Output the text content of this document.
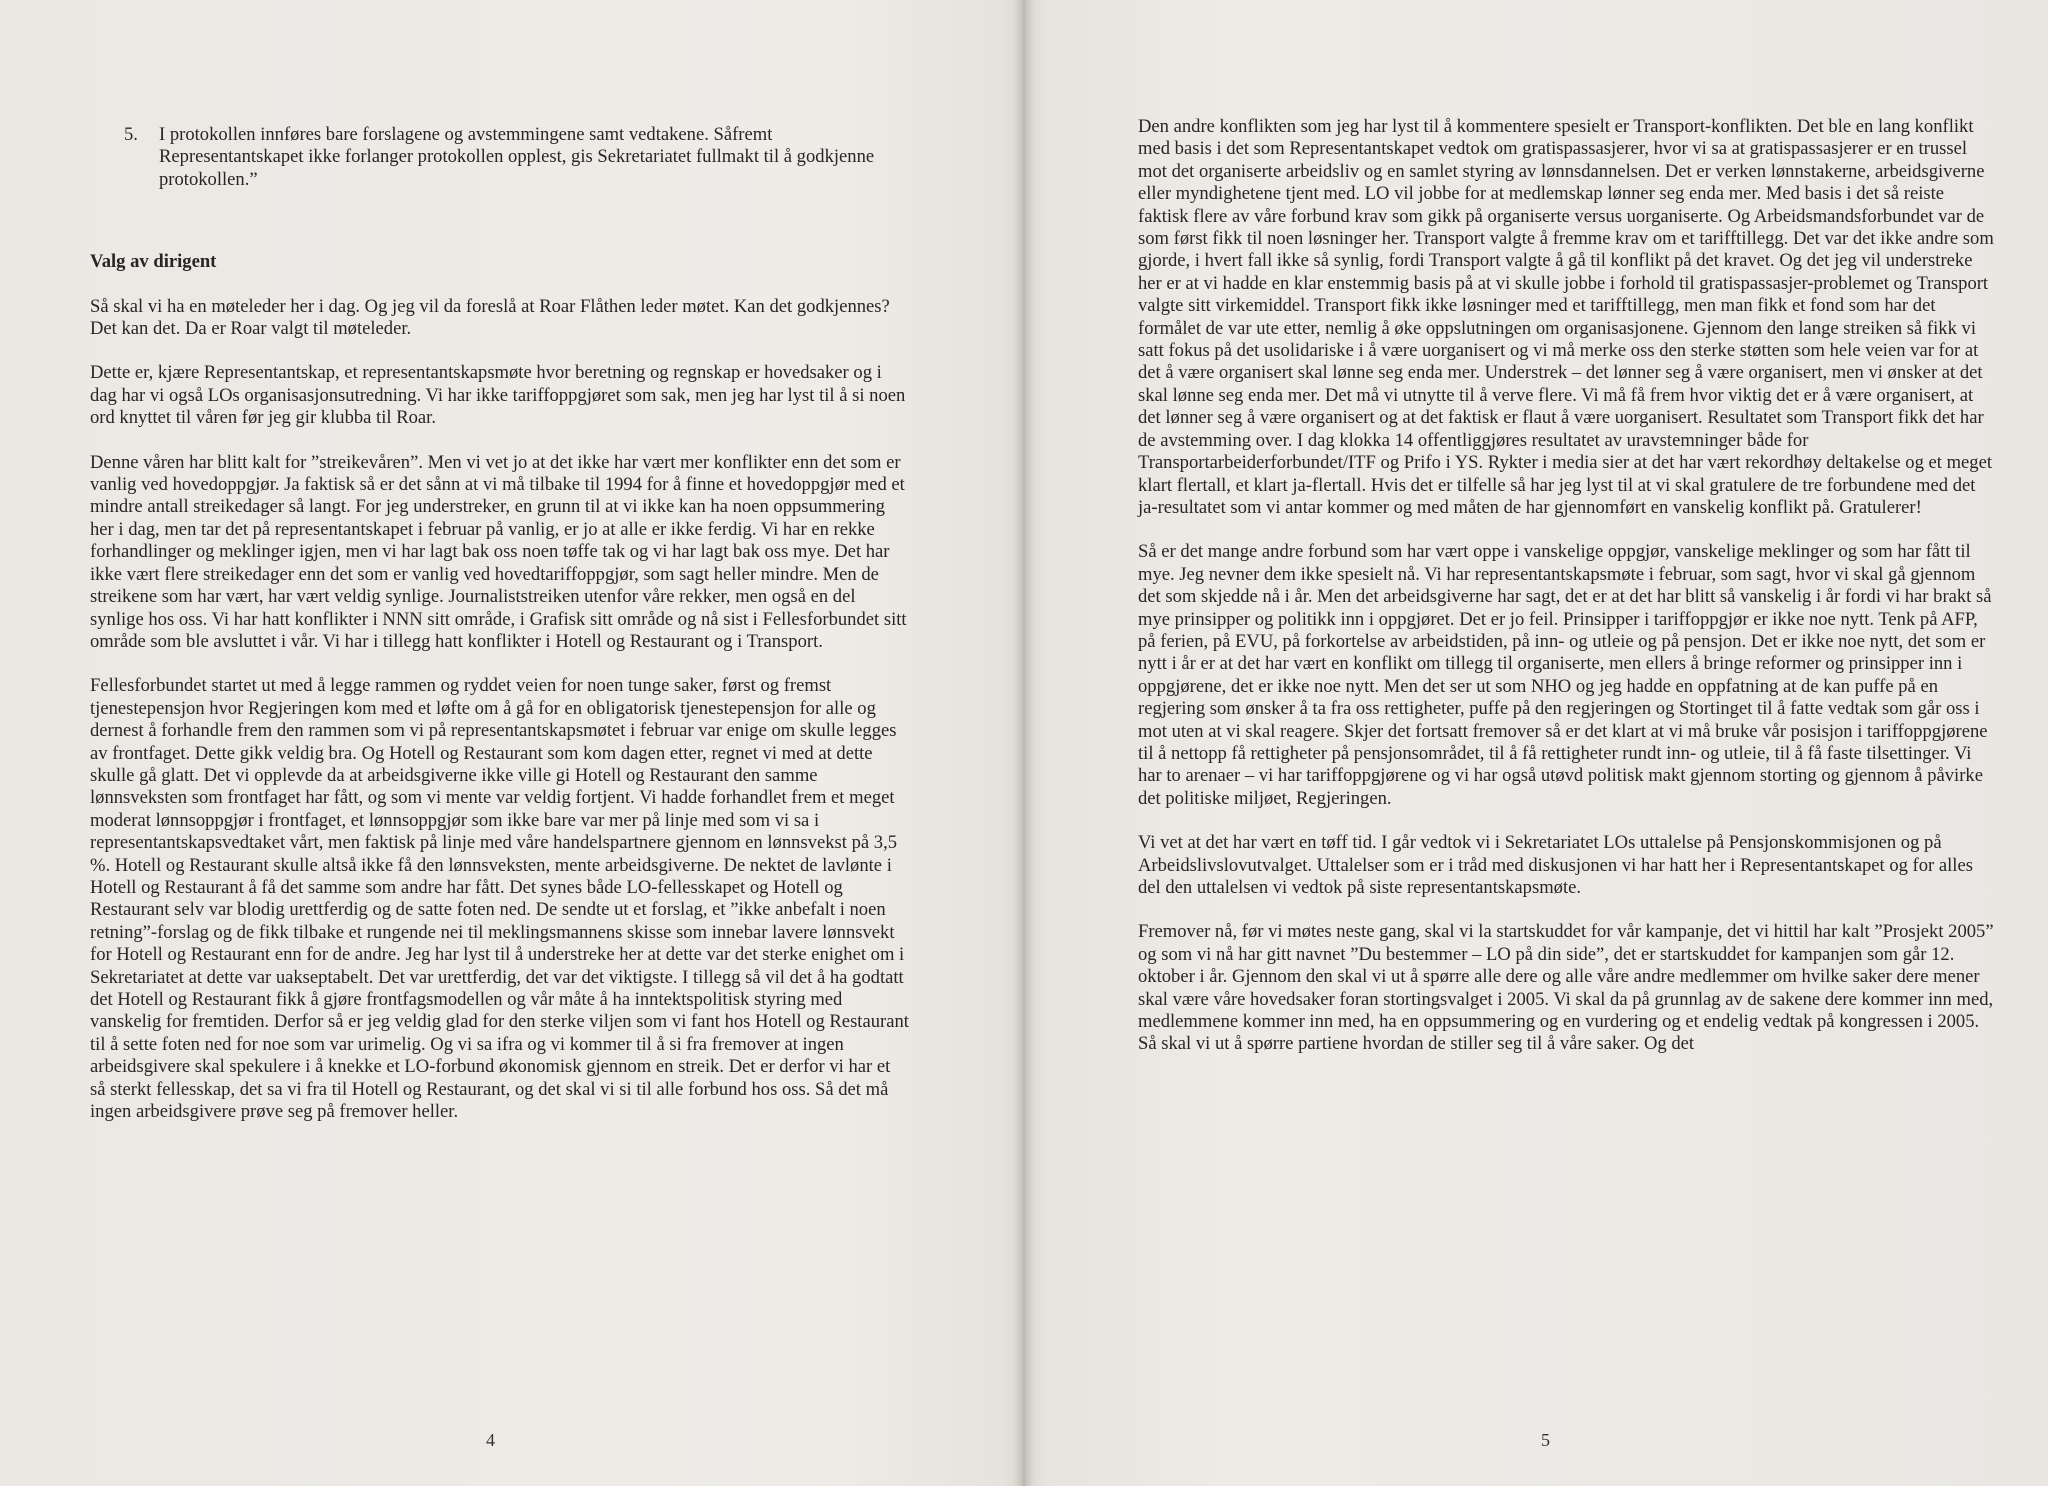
5. I protokollen innføres bare forslagene og avstemmingene samt vedtakene. Såfremt Representantskapet ikke forlanger protokollen opplest, gis Sekretariatet fullmakt til å godkjenne protokollen.”

Valg av dirigent

Så skal vi ha en møteleder her i dag. Og jeg vil da foreslå at Roar Flåthen leder møtet. Kan det godkjennes? Det kan det. Da er Roar valgt til møteleder.

Dette er, kjære Representantskap, et representantskapsmøte hvor beretning og regnskap er hovedsaker og i dag har vi også LOs organisasjonsutredning. Vi har ikke tariffoppgjøret som sak, men jeg har lyst til å si noen ord knyttet til våren før jeg gir klubba til Roar.

Denne våren har blitt kalt for ”streikevåren”. Men vi vet jo at det ikke har vært mer konflikter enn det som er vanlig ved hovedoppgjør. Ja faktisk så er det sånn at vi må tilbake til 1994 for å finne et hovedoppgjør med et mindre antall streikedager så langt. For jeg understreker, en grunn til at vi ikke kan ha noen oppsummering her i dag, men tar det på representantskapet i februar på vanlig, er jo at alle er ikke ferdig. Vi har en rekke forhandlinger og meklinger igjen, men vi har lagt bak oss noen tøffe tak og vi har lagt bak oss mye. Det har ikke vært flere streikedager enn det som er vanlig ved hovedtariffoppgjør, som sagt heller mindre. Men de streikene som har vært, har vært veldig synlige. Journaliststreiken utenfor våre rekker, men også en del synlige hos oss. Vi har hatt konflikter i NNN sitt område, i Grafisk sitt område og nå sist i Fellesforbundet sitt område som ble avsluttet i vår. Vi har i tillegg hatt konflikter i Hotell og Restaurant og i Transport.

Fellesforbundet startet ut med å legge rammen og ryddet veien for noen tunge saker, først og fremst tjenestepensjon hvor Regjeringen kom med et løfte om å gå for en obligatorisk tjenestepensjon for alle og dernest å forhandle frem den rammen som vi på representantskapsmøtet i februar var enige om skulle legges av frontfaget. Dette gikk veldig bra. Og Hotell og Restaurant som kom dagen etter, regnet vi med at dette skulle gå glatt. Det vi opplevde da at arbeidsgiverne ikke ville gi Hotell og Restaurant den samme lønnsveksten som frontfaget har fått, og som vi mente var veldig fortjent. Vi hadde forhandlet frem et meget moderat lønnsoppgjør i frontfaget, et lønnsoppgjør som ikke bare var mer på linje med som vi sa i representantskapsvedtaket vårt, men faktisk på linje med våre handelspartnere gjennom en lønnsvekst på 3,5 %. Hotell og Restaurant skulle altså ikke få den lønnsveksten, mente arbeidsgiverne. De nektet de lavlønte i Hotell og Restaurant å få det samme som andre har fått. Det synes både LO-fellesskapet og Hotell og Restaurant selv var blodig urettferdig og de satte foten ned. De sendte ut et forslag, et ”ikke anbefalt i noen retning”-forslag og de fikk tilbake et rungende nei til meklingsmannens skisse som innebar lavere lønnsvekt for Hotell og Restaurant enn for de andre. Jeg har lyst til å understreke her at dette var det sterke enighet om i Sekretariatet at dette var uakseptabelt. Det var urettferdig, det var det viktigste. I tillegg så vil det å ha godtatt det Hotell og Restaurant fikk å gjøre frontfagsmodellen og vår måte å ha inntektspolitisk styring med vanskelig for fremtiden. Derfor så er jeg veldig glad for den sterke viljen som vi fant hos Hotell og Restaurant til å sette foten ned for noe som var urimelig. Og vi sa ifra og vi kommer til å si fra fremover at ingen arbeidsgivere skal spekulere i å knekke et LO-forbund økonomisk gjennom en streik. Det er derfor vi har et så sterkt fellesskap, det sa vi fra til Hotell og Restaurant, og det skal vi si til alle forbund hos oss. Så det må ingen arbeidsgivere prøve seg på fremover heller.

4

Den andre konflikten som jeg har lyst til å kommentere spesielt er Transport-konflikten. Det ble en lang konflikt med basis i det som Representantskapet vedtok om gratispassasjerer, hvor vi sa at gratispassasjerer er en trussel mot det organiserte arbeidsliv og en samlet styring av lønnsdannelsen. Det er verken lønnstakerne, arbeidsgiverne eller myndighetene tjent med. LO vil jobbe for at medlemskap lønner seg enda mer. Med basis i det så reiste faktisk flere av våre forbund krav som gikk på organiserte versus uorganiserte. Og Arbeidsmandsforbundet var de som først fikk til noen løsninger her. Transport valgte å fremme krav om et tarifftillegg. Det var det ikke andre som gjorde, i hvert fall ikke så synlig, fordi Transport valgte å gå til konflikt på det kravet. Og det jeg vil understreke her er at vi hadde en klar enstemmig basis på at vi skulle jobbe i forhold til gratispassasjer-problemet og Transport valgte sitt virkemiddel. Transport fikk ikke løsninger med et tarifftillegg, men man fikk et fond som har det formålet de var ute etter, nemlig å øke oppslutningen om organisasjonene. Gjennom den lange streiken så fikk vi satt fokus på det usolidariske i å være uorganisert og vi må merke oss den sterke støtten som hele veien var for at det å være organisert skal lønne seg enda mer. Understrek – det lønner seg å være organisert, men vi ønsker at det skal lønne seg enda mer. Det må vi utnytte til å verve flere. Vi må få frem hvor viktig det er å være organisert, at det lønner seg å være organisert og at det faktisk er flaut å være uorganisert. Resultatet som Transport fikk det har de avstemming over. I dag klokka 14 offentliggjøres resultatet av uravstemninger både for Transportarbeiderforbundet/ITF og Prifo i YS. Rykter i media sier at det har vært rekordhøy deltakelse og et meget klart flertall, et klart ja-flertall. Hvis det er tilfelle så har jeg lyst til at vi skal gratulere de tre forbundene med det ja-resultatet som vi antar kommer og med måten de har gjennomført en vanskelig konflikt på. Gratulerer!

Så er det mange andre forbund som har vært oppe i vanskelige oppgjør, vanskelige meklinger og som har fått til mye. Jeg nevner dem ikke spesielt nå. Vi har representantskapsmøte i februar, som sagt, hvor vi skal gå gjennom det som skjedde nå i år. Men det arbeidsgiverne har sagt, det er at det har blitt så vanskelig i år fordi vi har brakt så mye prinsipper og politikk inn i oppgjøret. Det er jo feil. Prinsipper i tariffoppgjør er ikke noe nytt. Tenk på AFP, på ferien, på EVU, på forkortelse av arbeidstiden, på inn- og utleie og på pensjon. Det er ikke noe nytt, det som er nytt i år er at det har vært en konflikt om tillegg til organiserte, men ellers å bringe reformer og prinsipper inn i oppgjørene, det er ikke noe nytt. Men det ser ut som NHO og jeg hadde en oppfatning at de kan puffe på en regjering som ønsker å ta fra oss rettigheter, puffe på den regjeringen og Stortinget til å fatte vedtak som går oss i mot uten at vi skal reagere. Skjer det fortsatt fremover så er det klart at vi må bruke vår posisjon i tariffoppgjørene til å nettopp få rettigheter på pensjonsområdet, til å få rettigheter rundt inn- og utleie, til å få faste tilsettinger. Vi har to arenaer – vi har tariffoppgjørene og vi har også utøvd politisk makt gjennom storting og gjennom å påvirke det politiske miljøet, Regjeringen.

Vi vet at det har vært en tøff tid. I går vedtok vi i Sekretariatet LOs uttalelse på Pensjonskommisjonen og på Arbeidslivslovutvalget. Uttalelser som er i tråd med diskusjonen vi har hatt her i Representantskapet og for alles del den uttalelsen vi vedtok på siste representantskapsmøte.

Fremover nå, før vi møtes neste gang, skal vi la startskuddet for vår kampanje, det vi hittil har kalt ”Prosjekt 2005” og som vi nå har gitt navnet ”Du bestemmer – LO på din side”, det er startskuddet for kampanjen som går 12. oktober i år. Gjennom den skal vi ut å spørre alle dere og alle våre andre medlemmer om hvilke saker dere mener skal være våre hovedsaker foran stortingsvalget i 2005. Vi skal da på grunnlag av de sakene dere kommer inn med, medlemmene kommer inn med, ha en oppsummering og en vurdering og et endelig vedtak på kongressen i 2005. Så skal vi ut å spørre partiene hvordan de stiller seg til å våre saker. Og det

5
